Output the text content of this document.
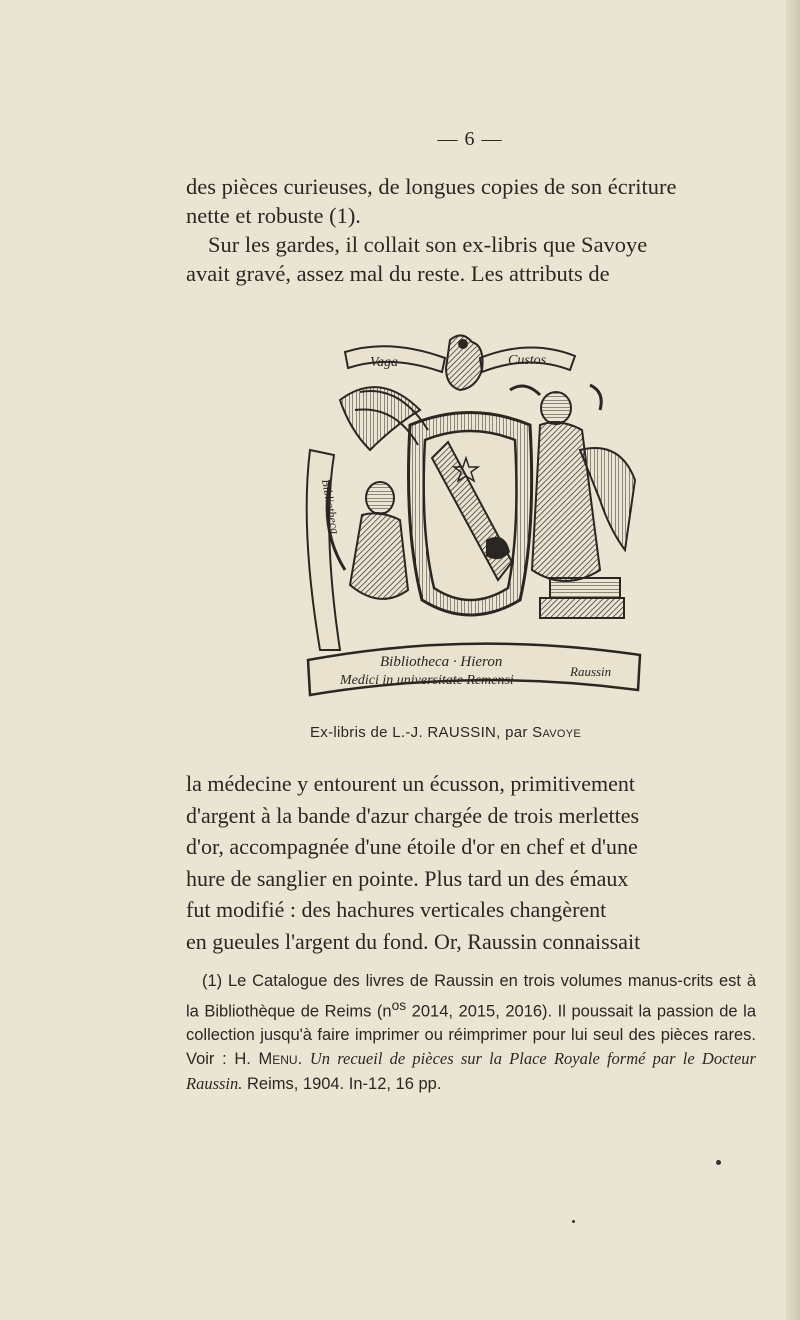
— 6 —

des pièces curieuses, de longues copies de son écriture

nette et robuste (1).

Sur les gardes, il collait son ex-libris que Savoye

avait gravé, assez mal du reste. Les attributs de

Vaga	Custos
Bibliotheca
Bibliotheca · Hieron
Medici in universitate Remensi
Raussin
Ex-libris de L.-J. RAUSSIN, par Savoye

la médecine y entourent un écusson, primitivement

d'argent à la bande d'azur chargée de trois merlettes

d'or, accompagnée d'une étoile d'or en chef et d'une

hure de sanglier en pointe. Plus tard un des émaux

fut modifié : des hachures verticales changèrent

en gueules l'argent du fond. Or, Raussin connaissait

(1) Le Catalogue des livres de Raussin en trois volumes manus-crits est à la Bibliothèque de Reims ($n^{os}$ 2014, 2015, 2016). Il poussait la passion de la collection jusqu'à faire imprimer ou réimprimer pour lui seul des pièces rares. Voir : H. Menu. Un recueil de pièces sur la Place Royale formé par le Docteur Raussin. Reims, 1904. In-12, 16 pp.
